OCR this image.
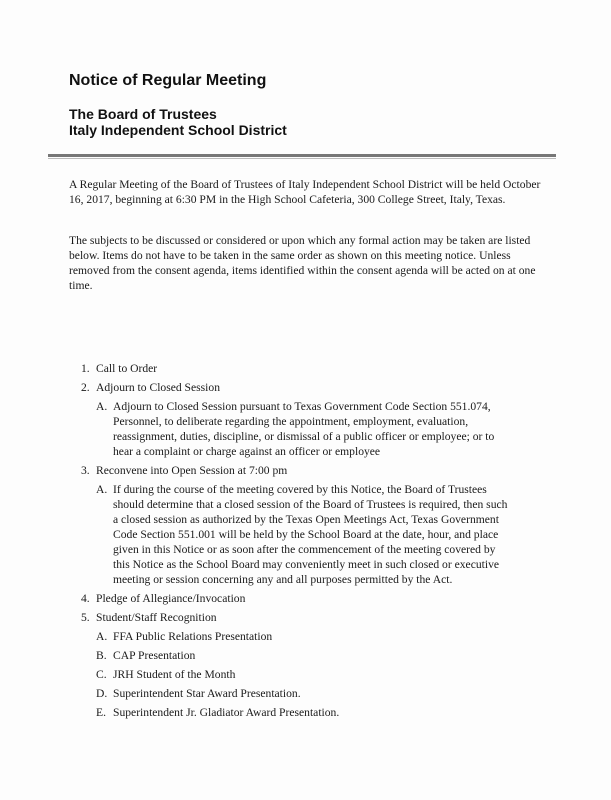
Notice of Regular Meeting
The Board of Trustees
Italy Independent School District

A Regular Meeting of the Board of Trustees of Italy Independent School District will be held October 16, 2017, beginning at 6:30 PM in the High School Cafeteria, 300 College Street, Italy, Texas.

The subjects to be discussed or considered or upon which any formal action may be taken are listed below. Items do not have to be taken in the same order as shown on this meeting notice. Unless removed from the consent agenda, items identified within the consent agenda will be acted on at one time.

1. Call to Order
2. Adjourn to Closed Session
A. Adjourn to Closed Session pursuant to Texas Government Code Section 551.074, Personnel, to deliberate regarding the appointment, employment, evaluation, reassignment, duties, discipline, or dismissal of a public officer or employee; or to hear a complaint or charge against an officer or employee
3. Reconvene into Open Session at 7:00 pm
A. If during the course of the meeting covered by this Notice, the Board of Trustees should determine that a closed session of the Board of Trustees is required, then such a closed session as authorized by the Texas Open Meetings Act, Texas Government Code Section 551.001 will be held by the School Board at the date, hour, and place given in this Notice or as soon after the commencement of the meeting covered by this Notice as the School Board may conveniently meet in such closed or executive meeting or session concerning any and all purposes permitted by the Act.
4. Pledge of Allegiance/Invocation
5. Student/Staff Recognition
A. FFA Public Relations Presentation
B. CAP Presentation
C. JRH Student of the Month
D. Superintendent Star Award Presentation.
E. Superintendent Jr. Gladiator Award Presentation.
